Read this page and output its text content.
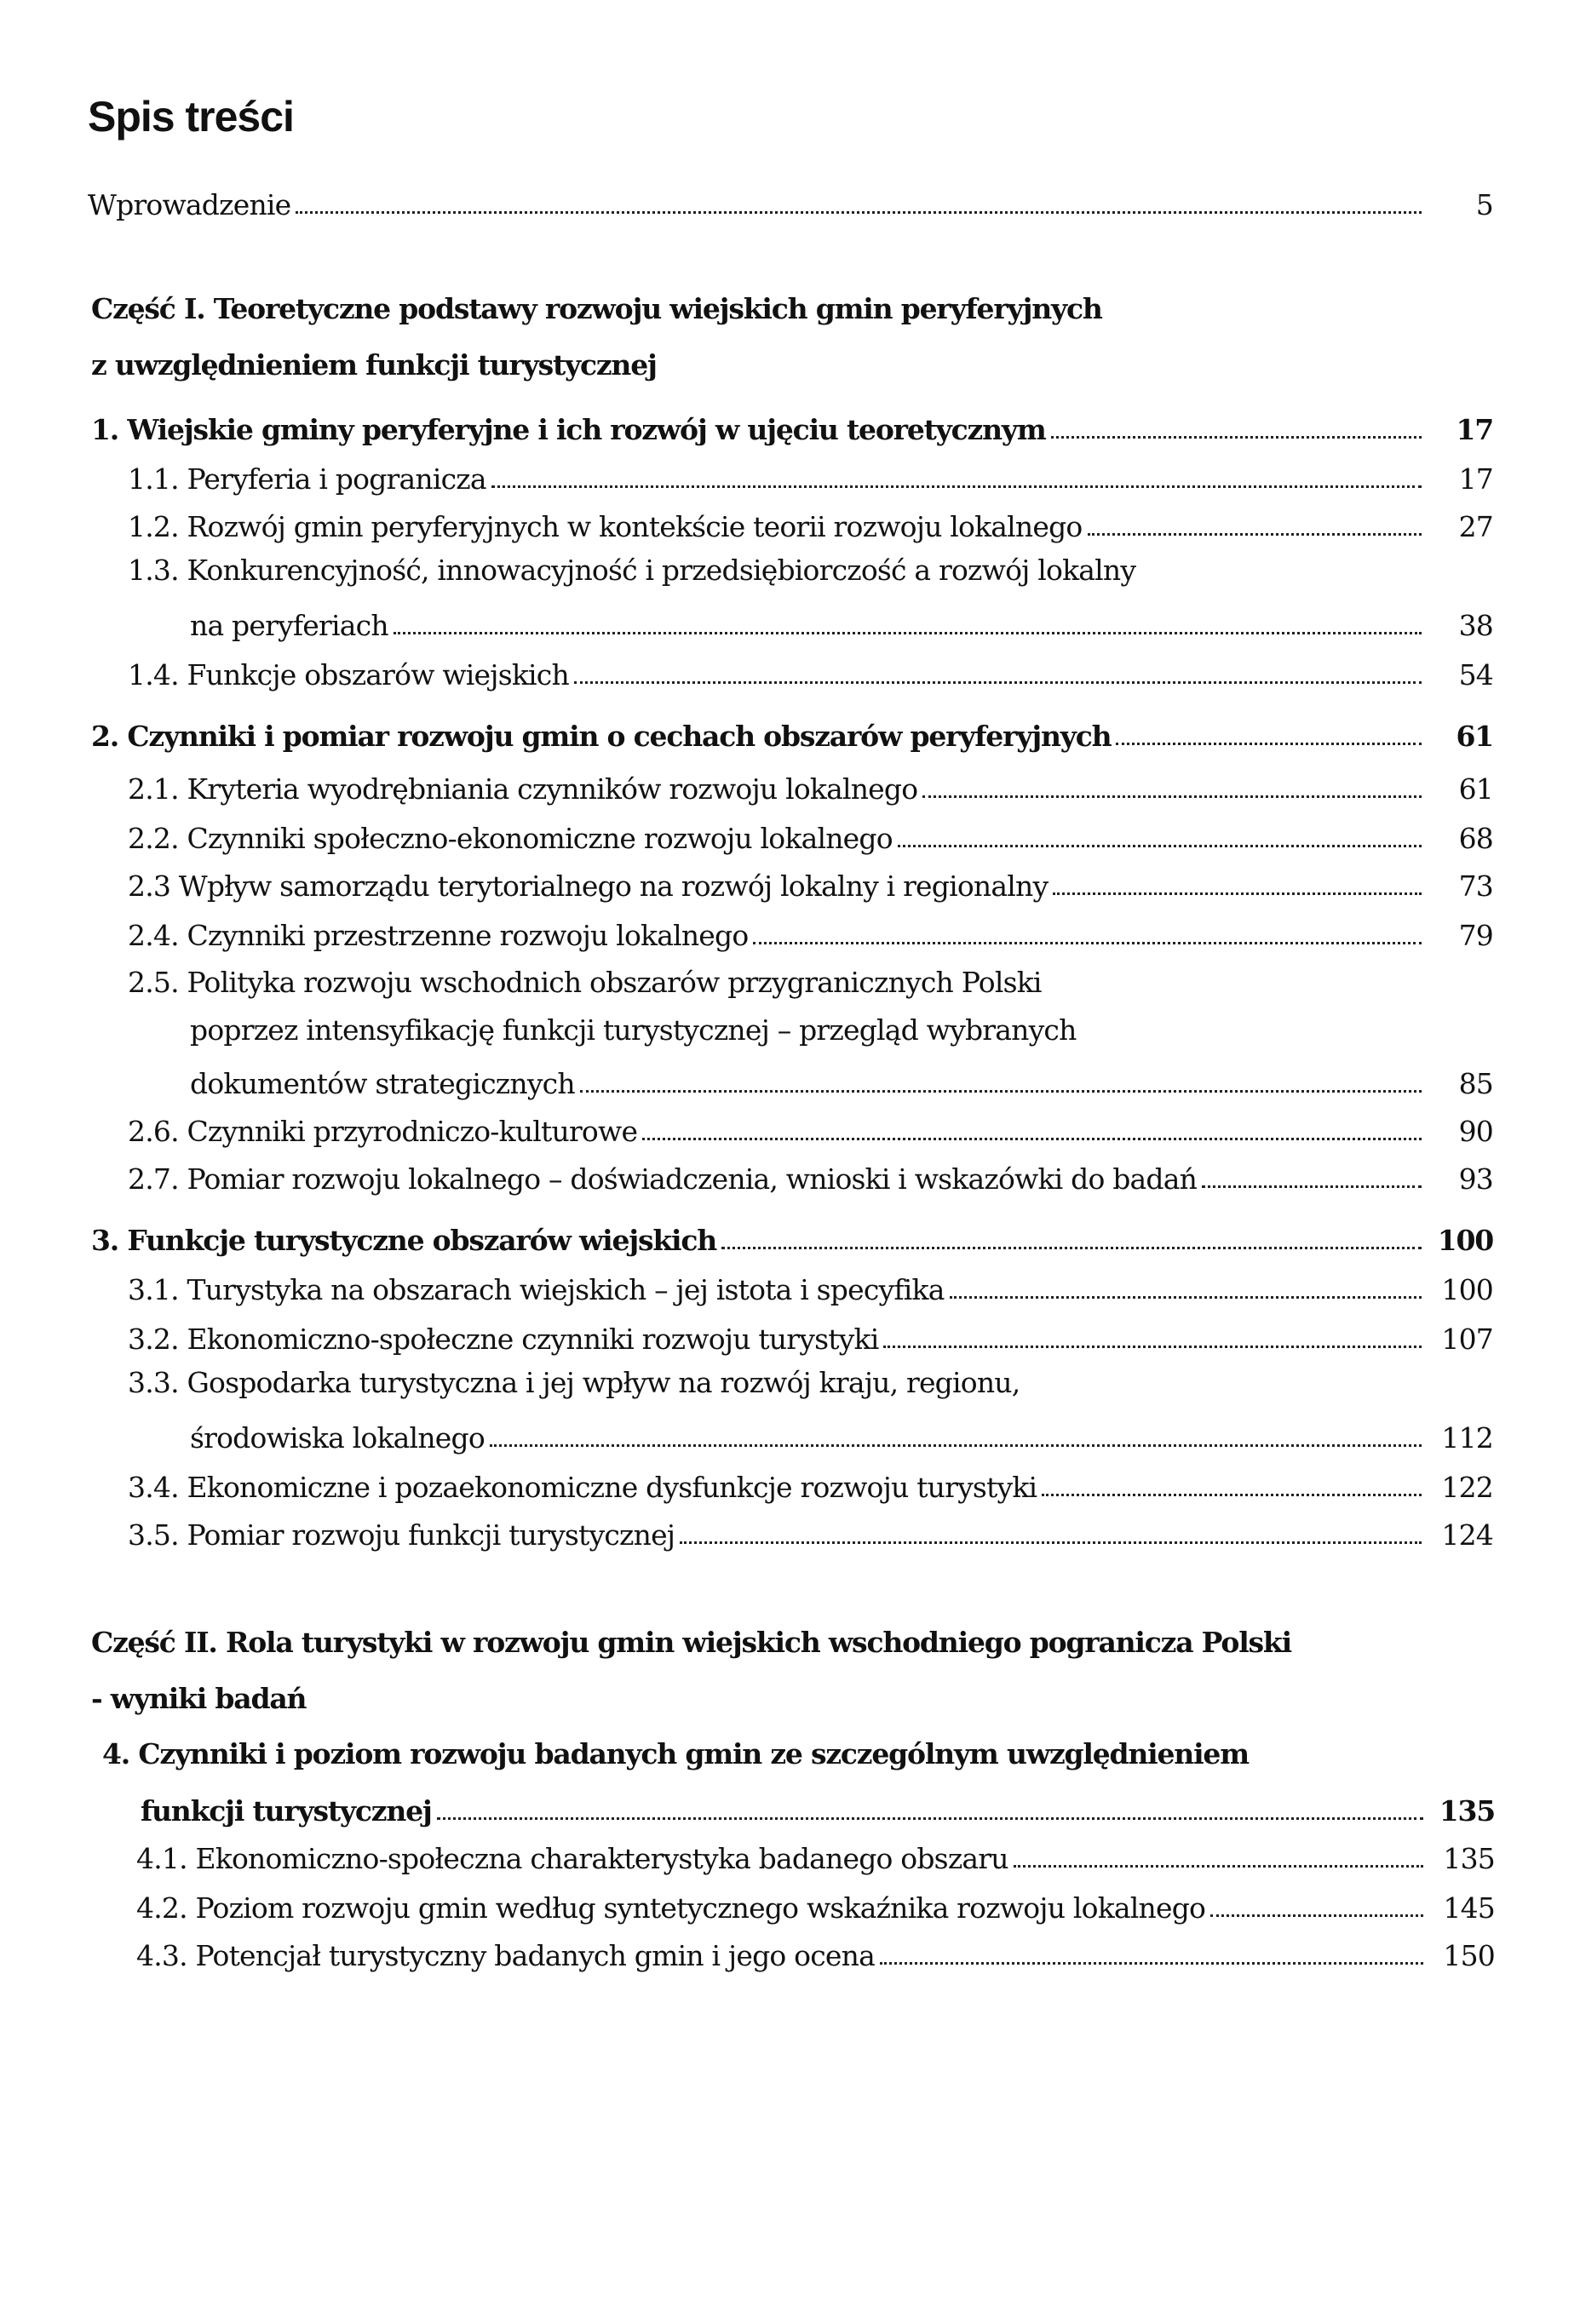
Spis treści
Wprowadzenie	5
Część I. Teoretyczne podstawy rozwoju wiejskich gmin peryferyjnych
z uwzględnieniem funkcji turystycznej
1. Wiejskie gminy peryferyjne i ich rozwój w ujęciu teoretycznym	17
1.1. Peryferia i pogranicza	17
1.2. Rozwój gmin peryferyjnych w kontekście teorii rozwoju lokalnego	27
1.3. Konkurencyjność, innowacyjność i przedsiębiorczość a rozwój lokalny
na peryferiach	38
1.4. Funkcje obszarów wiejskich	54
2. Czynniki i pomiar rozwoju gmin o cechach obszarów peryferyjnych	61
2.1. Kryteria wyodrębniania czynników rozwoju lokalnego	61
2.2. Czynniki społeczno-ekonomiczne rozwoju lokalnego	68
2.3 Wpływ samorządu terytorialnego na rozwój lokalny i regionalny	73
2.4. Czynniki przestrzenne rozwoju lokalnego	79
2.5. Polityka rozwoju wschodnich obszarów przygranicznych Polski
poprzez intensyfikację funkcji turystycznej – przegląd wybranych
dokumentów strategicznych	85
2.6. Czynniki przyrodniczo-kulturowe	90
2.7. Pomiar rozwoju lokalnego – doświadczenia, wnioski i wskazówki do badań	93
3. Funkcje turystyczne obszarów wiejskich	100
3.1. Turystyka na obszarach wiejskich – jej istota i specyfika	100
3.2. Ekonomiczno-społeczne czynniki rozwoju turystyki	107
3.3. Gospodarka turystyczna i jej wpływ na rozwój kraju, regionu,
środowiska lokalnego	112
3.4. Ekonomiczne i pozaekonomiczne dysfunkcje rozwoju turystyki	122
3.5. Pomiar rozwoju funkcji turystycznej	124
Część II. Rola turystyki w rozwoju gmin wiejskich wschodniego pogranicza Polski
- wyniki badań
4. Czynniki i poziom rozwoju badanych gmin ze szczególnym uwzględnieniem
funkcji turystycznej	135
4.1. Ekonomiczno-społeczna charakterystyka badanego obszaru	135
4.2. Poziom rozwoju gmin według syntetycznego wskaźnika rozwoju lokalnego	145
4.3. Potencjał turystyczny badanych gmin i jego ocena	150
